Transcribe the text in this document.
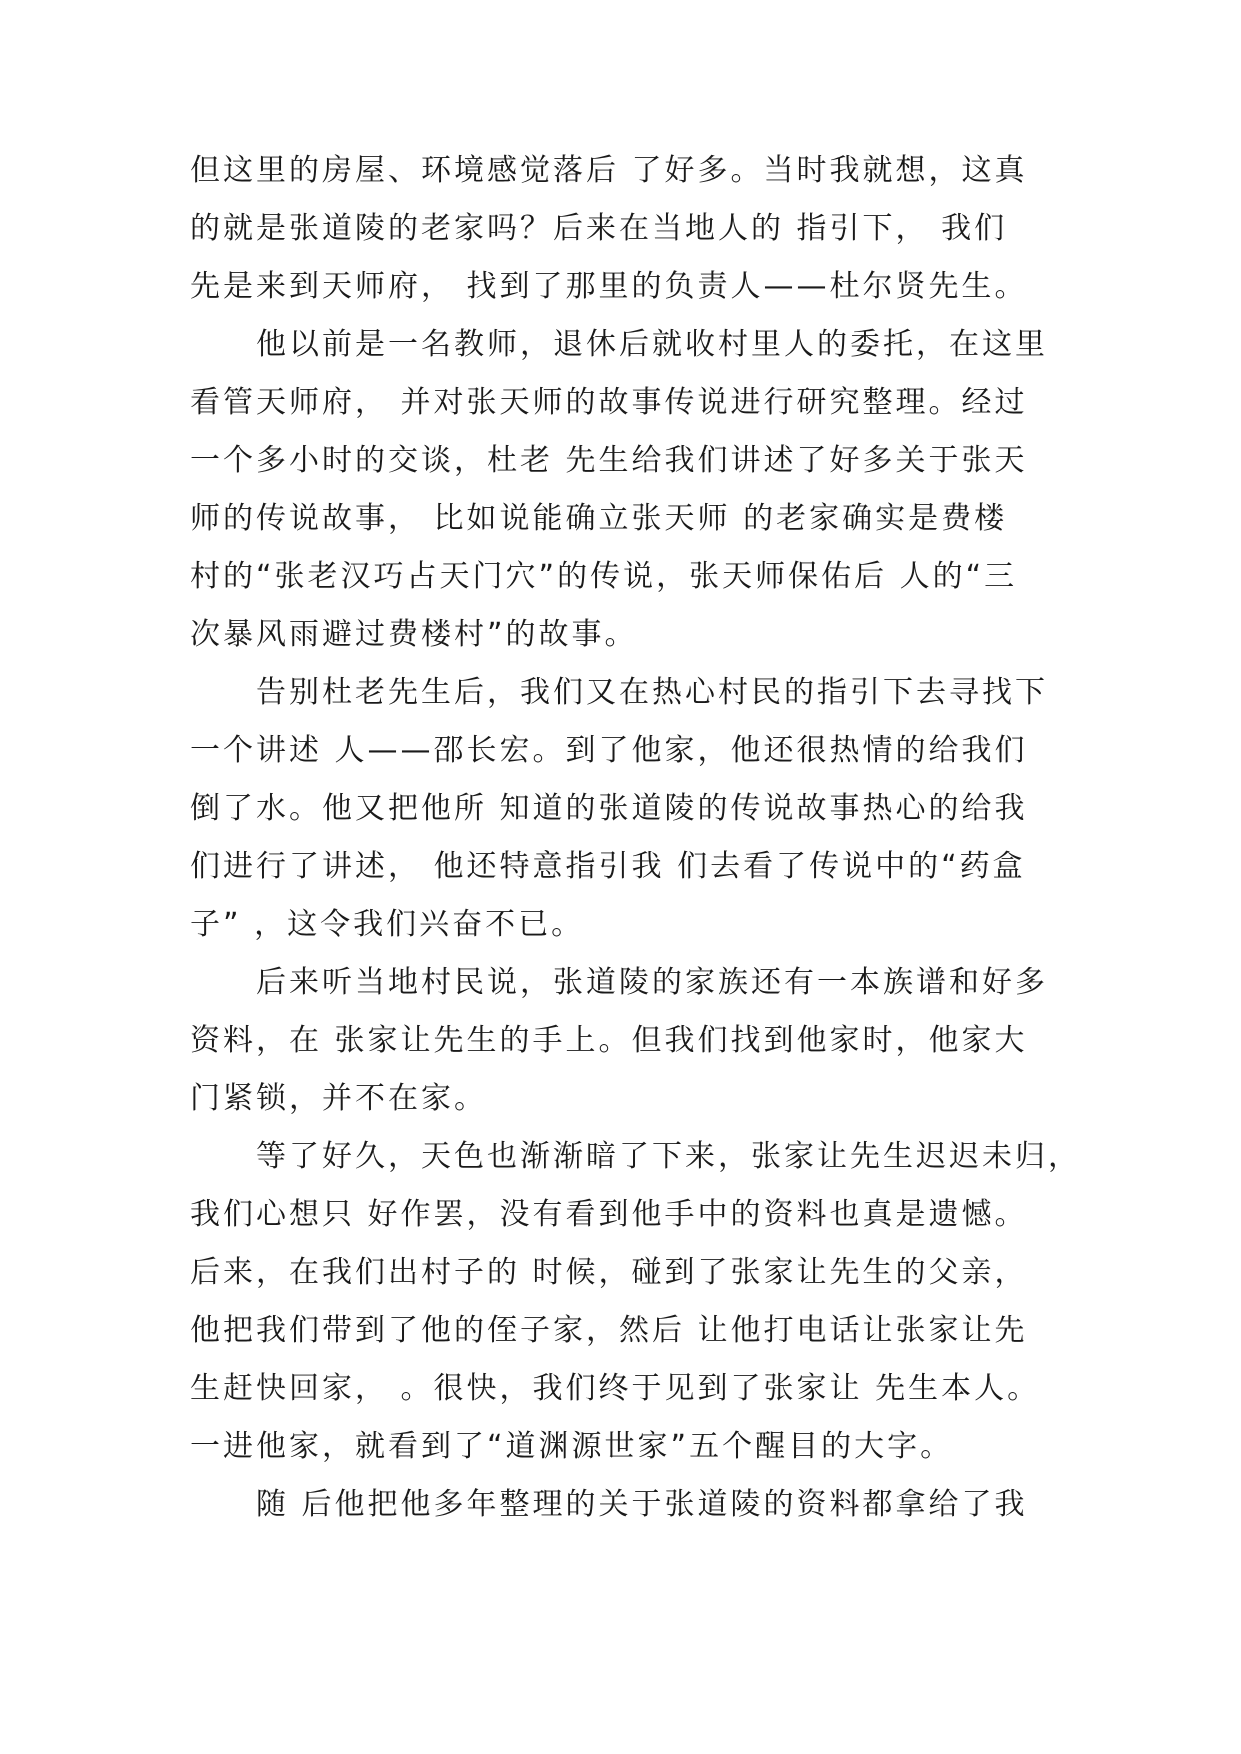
但这里的房屋、环境感觉落后 了好多。当时我就想，这真
的就是张道陵的老家吗？后来在当地人的 指引下， 我们
先是来到天师府， 找到了那里的负责人——杜尔贤先生。
他以前是一名教师，退休后就收村里人的委托，在这里
看管天师府， 并对张天师的故事传说进行研究整理。经过
一个多小时的交谈，杜老 先生给我们讲述了好多关于张天
师的传说故事， 比如说能确立张天师 的老家确实是费楼
村的“张老汉巧占天门穴”的传说，张天师保佑后 人的“三
次暴风雨避过费楼村”的故事。
告别杜老先生后，我们又在热心村民的指引下去寻找下
一个讲述 人——邵长宏。到了他家，他还很热情的给我们
倒了水。他又把他所 知道的张道陵的传说故事热心的给我
们进行了讲述， 他还特意指引我 们去看了传说中的“药盒
子” ，这令我们兴奋不已。
后来听当地村民说，张道陵的家族还有一本族谱和好多
资料，在 张家让先生的手上。但我们找到他家时，他家大
门紧锁，并不在家。
等了好久，天色也渐渐暗了下来，张家让先生迟迟未归，
我们心想只 好作罢，没有看到他手中的资料也真是遗憾。
后来，在我们出村子的 时候，碰到了张家让先生的父亲，
他把我们带到了他的侄子家，然后 让他打电话让张家让先
生赶快回家， 。很快，我们终于见到了张家让 先生本人。
一进他家，就看到了“道渊源世家”五个醒目的大字。
随 后他把他多年整理的关于张道陵的资料都拿给了我
